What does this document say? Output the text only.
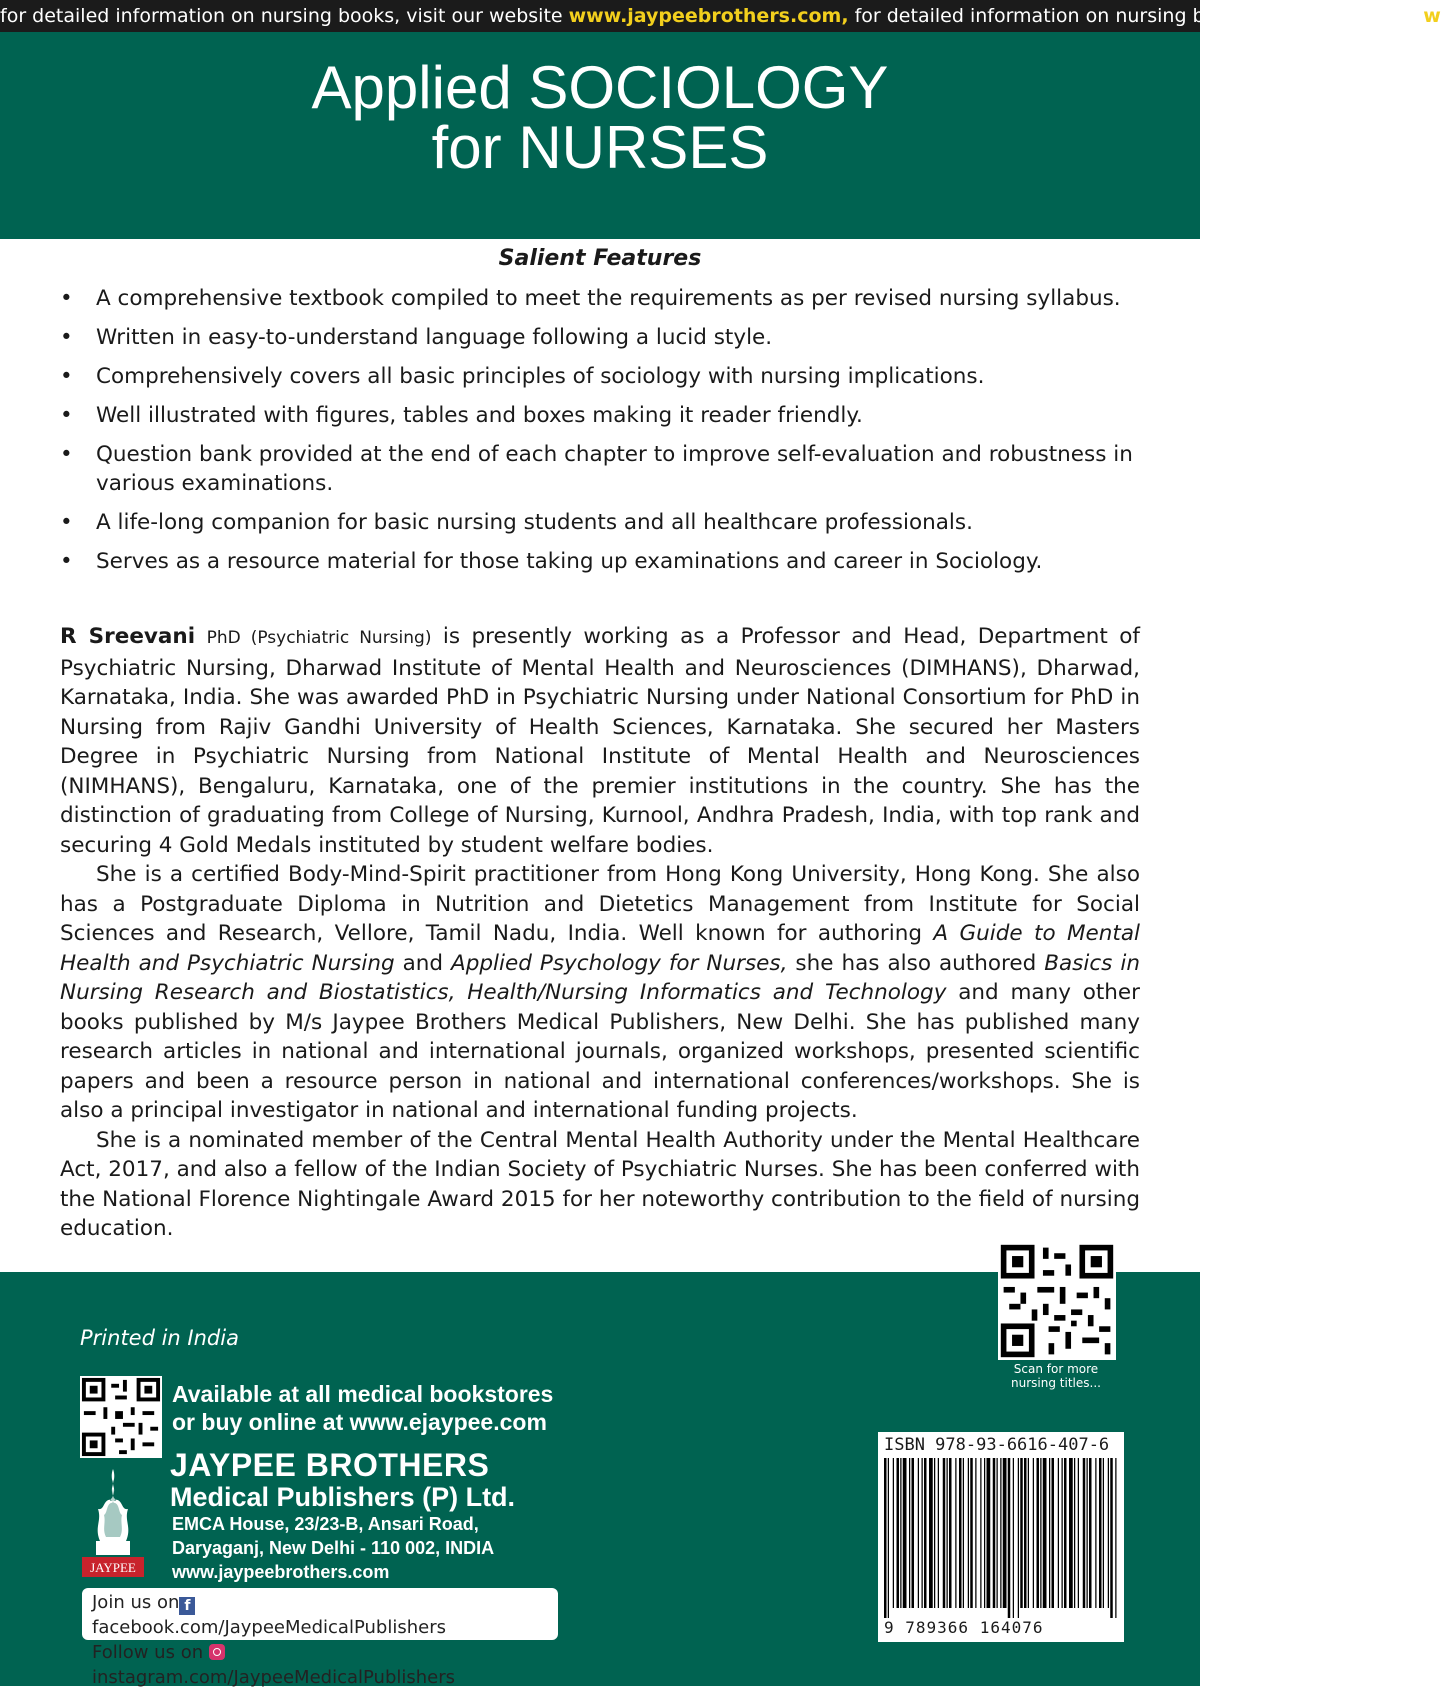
for detailed information on nursing books, visit our website www.jaypeebrothers.com, for detailed information on nursing books, visit our website w
Applied SOCIOLOGY
for NURSES
Salient Features
• A comprehensive textbook compiled to meet the requirements as per revised nursing syllabus.
• Written in easy-to-understand language following a lucid style.
• Comprehensively covers all basic principles of sociology with nursing implications.
• Well illustrated with figures, tables and boxes making it reader friendly.
• Question bank provided at the end of each chapter to improve self-evaluation and robustness in various examinations.
• A life-long companion for basic nursing students and all healthcare professionals.
• Serves as a resource material for those taking up examinations and career in Sociology.

R Sreevani PhD (Psychiatric Nursing) is presently working as a Professor and Head, Department of Psychiatric Nursing, Dharwad Institute of Mental Health and Neurosciences (DIMHANS), Dharwad, Karnataka, India. She was awarded PhD in Psychiatric Nursing under National Consortium for PhD in Nursing from Rajiv Gandhi University of Health Sciences, Karnataka. She secured her Masters Degree in Psychiatric Nursing from National Institute of Mental Health and Neurosciences (NIMHANS), Bengaluru, Karnataka, one of the premier institutions in the country. She has the distinction of graduating from College of Nursing, Kurnool, Andhra Pradesh, India, with top rank and securing 4 Gold Medals instituted by student welfare bodies.

She is a certified Body-Mind-Spirit practitioner from Hong Kong University, Hong Kong. She also has a Postgraduate Diploma in Nutrition and Dietetics Management from Institute for Social Sciences and Research, Vellore, Tamil Nadu, India. Well known for authoring A Guide to Mental Health and Psychiatric Nursing and Applied Psychology for Nurses, she has also authored Basics in Nursing Research and Biostatistics, Health/Nursing Informatics and Technology and many other books published by M/s Jaypee Brothers Medical Publishers, New Delhi. She has published many research articles in national and international journals, organized workshops, presented scientific papers and been a resource person in national and international conferences/workshops. She is also a principal investigator in national and international funding projects.

She is a nominated member of the Central Mental Health Authority under the Mental Healthcare Act, 2017, and also a fellow of the Indian Society of Psychiatric Nurses. She has been conferred with the National Florence Nightingale Award 2015 for her noteworthy contribution to the field of nursing education.

Scan for more nursing titles...
Printed in India
Available at all medical bookstores
or buy online at www.ejaypee.com
JAYPEE BROTHERS
Medical Publishers (P) Ltd.
EMCA House, 23/23-B, Ansari Road,
Daryaganj, New Delhi - 110 002, INDIA
www.jaypeebrothers.com
JAYPEE
Join us on ffacebook.com/JaypeeMedicalPublishers
Follow us on instagram.com/JaypeeMedicalPublishers
ISBN 978-93-6616-407-6
9 789366 164076
